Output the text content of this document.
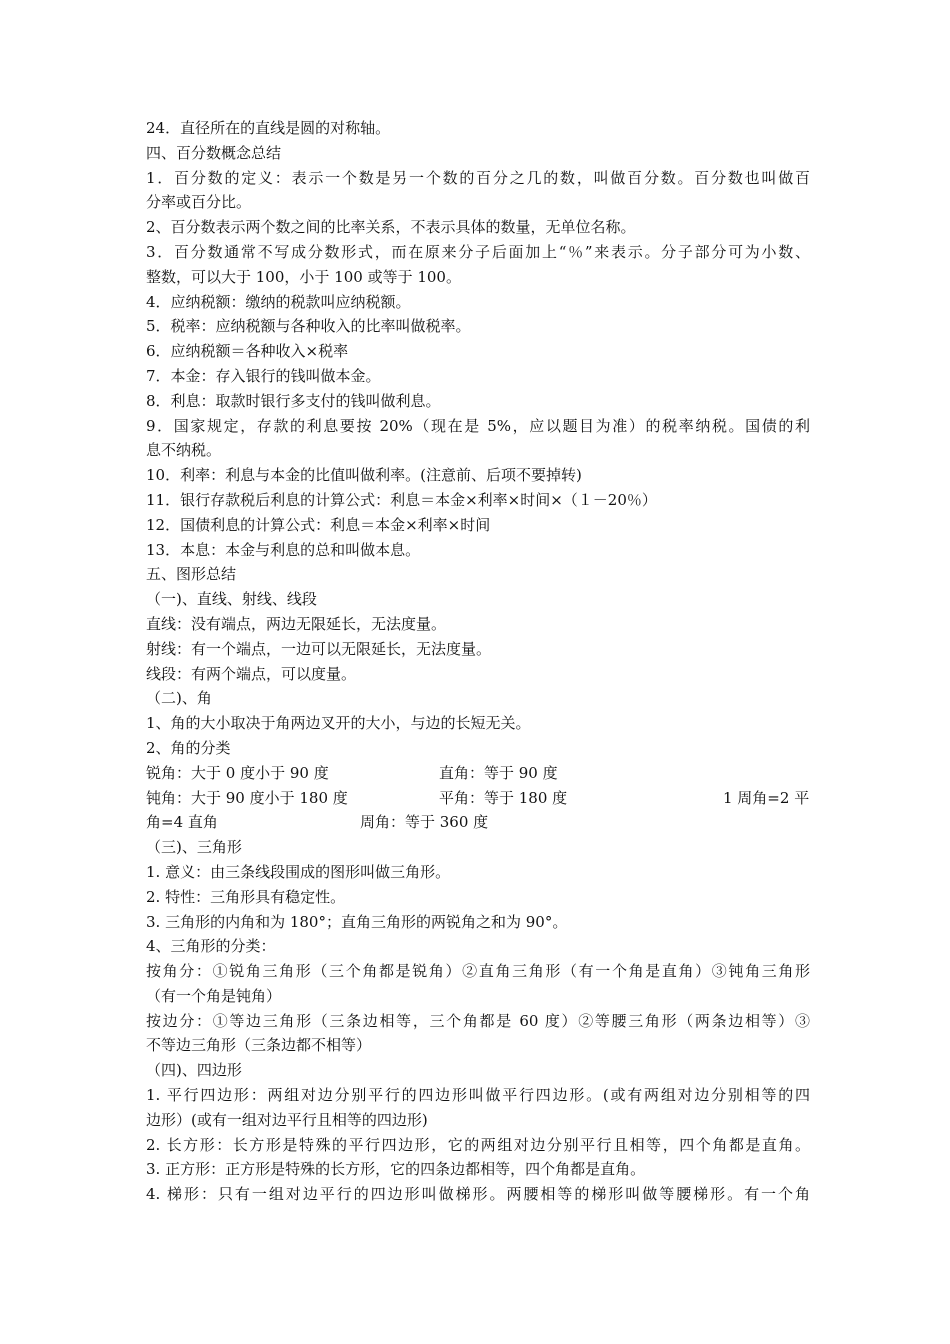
24．直径所在的直线是圆的对称轴。
四、百分数概念总结
1．百分数的定义：表示一个数是另一个数的百分之几的数，叫做百分数。百分数也叫做百
分率或百分比。
2、百分数表示两个数之间的比率关系，不表示具体的数量，无单位名称。
3．百分数通常不写成分数形式，而在原来分子后面加上“％”来表示。分子部分可为小数、
整数，可以大于 100，小于 100 或等于 100。
4．应纳税额：缴纳的税款叫应纳税额。
5．税率：应纳税额与各种收入的比率叫做税率。
6．应纳税额＝各种收入×税率
7．本金：存入银行的钱叫做本金。
8．利息：取款时银行多支付的钱叫做利息。
9．国家规定，存款的利息要按 20%（现在是 5%，应以题目为准）的税率纳税。国债的利
息不纳税。
10．利率：利息与本金的比值叫做利率。(注意前、后项不要掉转)
11．银行存款税后利息的计算公式：利息＝本金×利率×时间×（１－20％）
12．国债利息的计算公式：利息＝本金×利率×时间
13．本息：本金与利息的总和叫做本息。
五、图形总结
（一)、直线、射线、线段
直线：没有端点，两边无限延长，无法度量。
射线：有一个端点，一边可以无限延长，无法度量。
线段：有两个端点，可以度量。
（二)、角
1、角的大小取决于角两边叉开的大小，与边的长短无关。
2、角的分类
锐角：大于 0 度小于 90 度	直角：等于 90 度
钝角：大于 90 度小于 180 度	平角：等于 180 度	1 周角=2 平
角=4 直角	周角：等于 360 度
（三)、三角形
1. 意义：由三条线段围成的图形叫做三角形。
2. 特性：三角形具有稳定性。
3. 三角形的内角和为 180°；直角三角形的两锐角之和为 90°。
4、三角形的分类：
按角分：①锐角三角形（三个角都是锐角）②直角三角形（有一个角是直角）③钝角三角形
（有一个角是钝角）
按边分：①等边三角形（三条边相等，三个角都是 60 度）②等腰三角形（两条边相等）③
不等边三角形（三条边都不相等）
（四)、四边形
1. 平行四边形：两组对边分别平行的四边形叫做平行四边形。(或有两组对边分别相等的四
边形）(或有一组对边平行且相等的四边形)
2. 长方形：长方形是特殊的平行四边形，它的两组对边分别平行且相等，四个角都是直角。
3. 正方形：正方形是特殊的长方形，它的四条边都相等，四个角都是直角。
4. 梯形：只有一组对边平行的四边形叫做梯形。两腰相等的梯形叫做等腰梯形。有一个角
